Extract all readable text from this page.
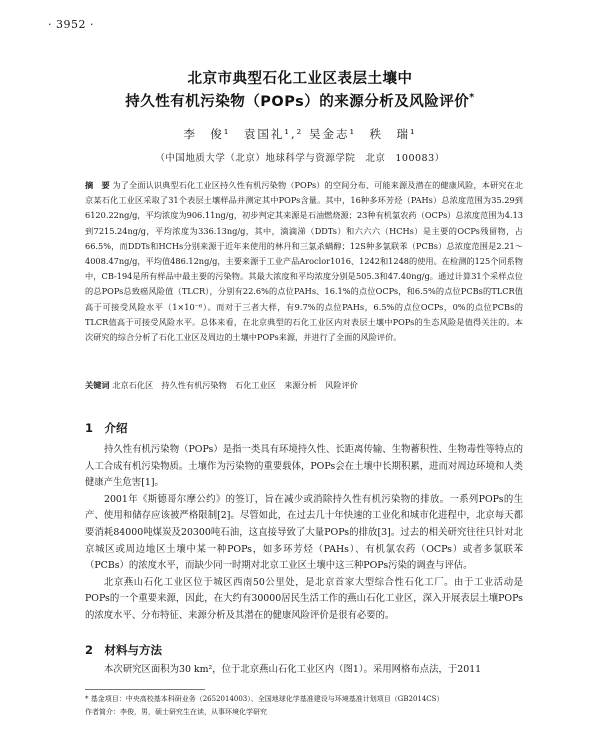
· 3952 ·
北京市典型石化工业区表层土壤中
持久性有机污染物（POPs）的来源分析及风险评价*
李　俊¹　袁国礼¹,² 吴金志¹　秩　瑞¹
（中国地质大学（北京）地球科学与资源学院　北京　100083）
摘　要 为了全面认识典型石化工业区持久性有机污染物（POPs）的空间分布、可能来源及潜在的健康风险，本研究在北京某石化工业区采取了31个表层土壤样品并测定其中POPs含量。其中，16种多环芳烃（PAHs）总浓度范围为35.29到6120.22ng/g，平均浓度为906.11ng/g，初步判定其来源是石油燃烧源；23种有机氯农药（OCPs）总浓度范围为4.13到7215.24ng/g，平均浓度为336.13ng/g，其中，滴滴涕（DDTs）和六六六（HCHs）是主要的OCPs残留物，占66.5%，而DDTs和HCHs分别来源于近年来使用的林丹和三氯杀螨醇；12S种多氯联苯（PCBs）总浓度范围是2.21～4008.47ng/g，平均值486.12ng/g，主要来源于工业产品Aroclor1016、1242和1248的使用。在检测的125个同系物中，CB-194是所有样品中最主要的污染物。其最大浓度和平均浓度分别是505.3和47.40ng/g。通过计算31个采样点位的总POPs总致癌风险值（TLCR），分别有22.6%的点位PAHs、16.1%的点位OCPs，和6.5%的点位PCBs的TLCR值高于可接受风险水平（1×10⁻⁶）。而对于三者大样，有9.7%的点位PAHs，6.5%的点位OCPs，0%的点位PCBs的TLCR值高于可接受风险水平。总体来看，在北京典型的石化工业区内对表层土壤中POPs的生态风险是值得关注的。本次研究的综合分析了石化工业区及周边的土壤中POPs来源，并进行了全面的风险评价。
关键词 北京石化区　持久性有机污染物　石化工业区　来源分析　风险评价
1　介绍

持久性有机污染物（POPs）是指一类具有环境持久性、长距离传输、生物蓄积性、生物毒性等特点的人工合成有机污染物质。土壤作为污染物的重要载体，POPs会在土壤中长期积累，进而对周边环境和人类健康产生危害[1]。

2001年《斯德哥尔摩公约》的签订，旨在减少或消除持久性有机污染物的排放。一系列POPs的生产、使用和储存应该被严格限制[2]。尽管如此，在过去几十年快速的工业化和城市化进程中，北京每天都要消耗84000吨煤炭及20300吨石油，这直接导致了大量POPs的排放[3]。过去的相关研究往往只针对北京城区或周边地区土壤中某一种POPs，如多环芳烃（PAHs）、有机氯农药（OCPs）或者多氯联苯（PCBs）的浓度水平，而缺少同一时期对北京工业区土壤中这三种POPs污染的调查与评估。

北京燕山石化工业区位于城区西南50公里处，是北京首家大型综合性石化工厂。由于工业活动是POPs的一个重要来源，因此，在大约有30000居民生活工作的燕山石化工业区，深入开展表层土壤POPs的浓度水平、分布特征、来源分析及其潜在的健康风险评价是很有必要的。

2　材料与方法

本次研究区面积为30 km²，位于北京燕山石化工业区内（图1）。采用网格布点法，于2011

* 基金项目：中央高校基本科研业务（2652014003）、全国地球化学基准建设与环境基准计划项目（GB2014CS）
作者简介：李俊，男，硕士研究生在读，从事环境化学研究
